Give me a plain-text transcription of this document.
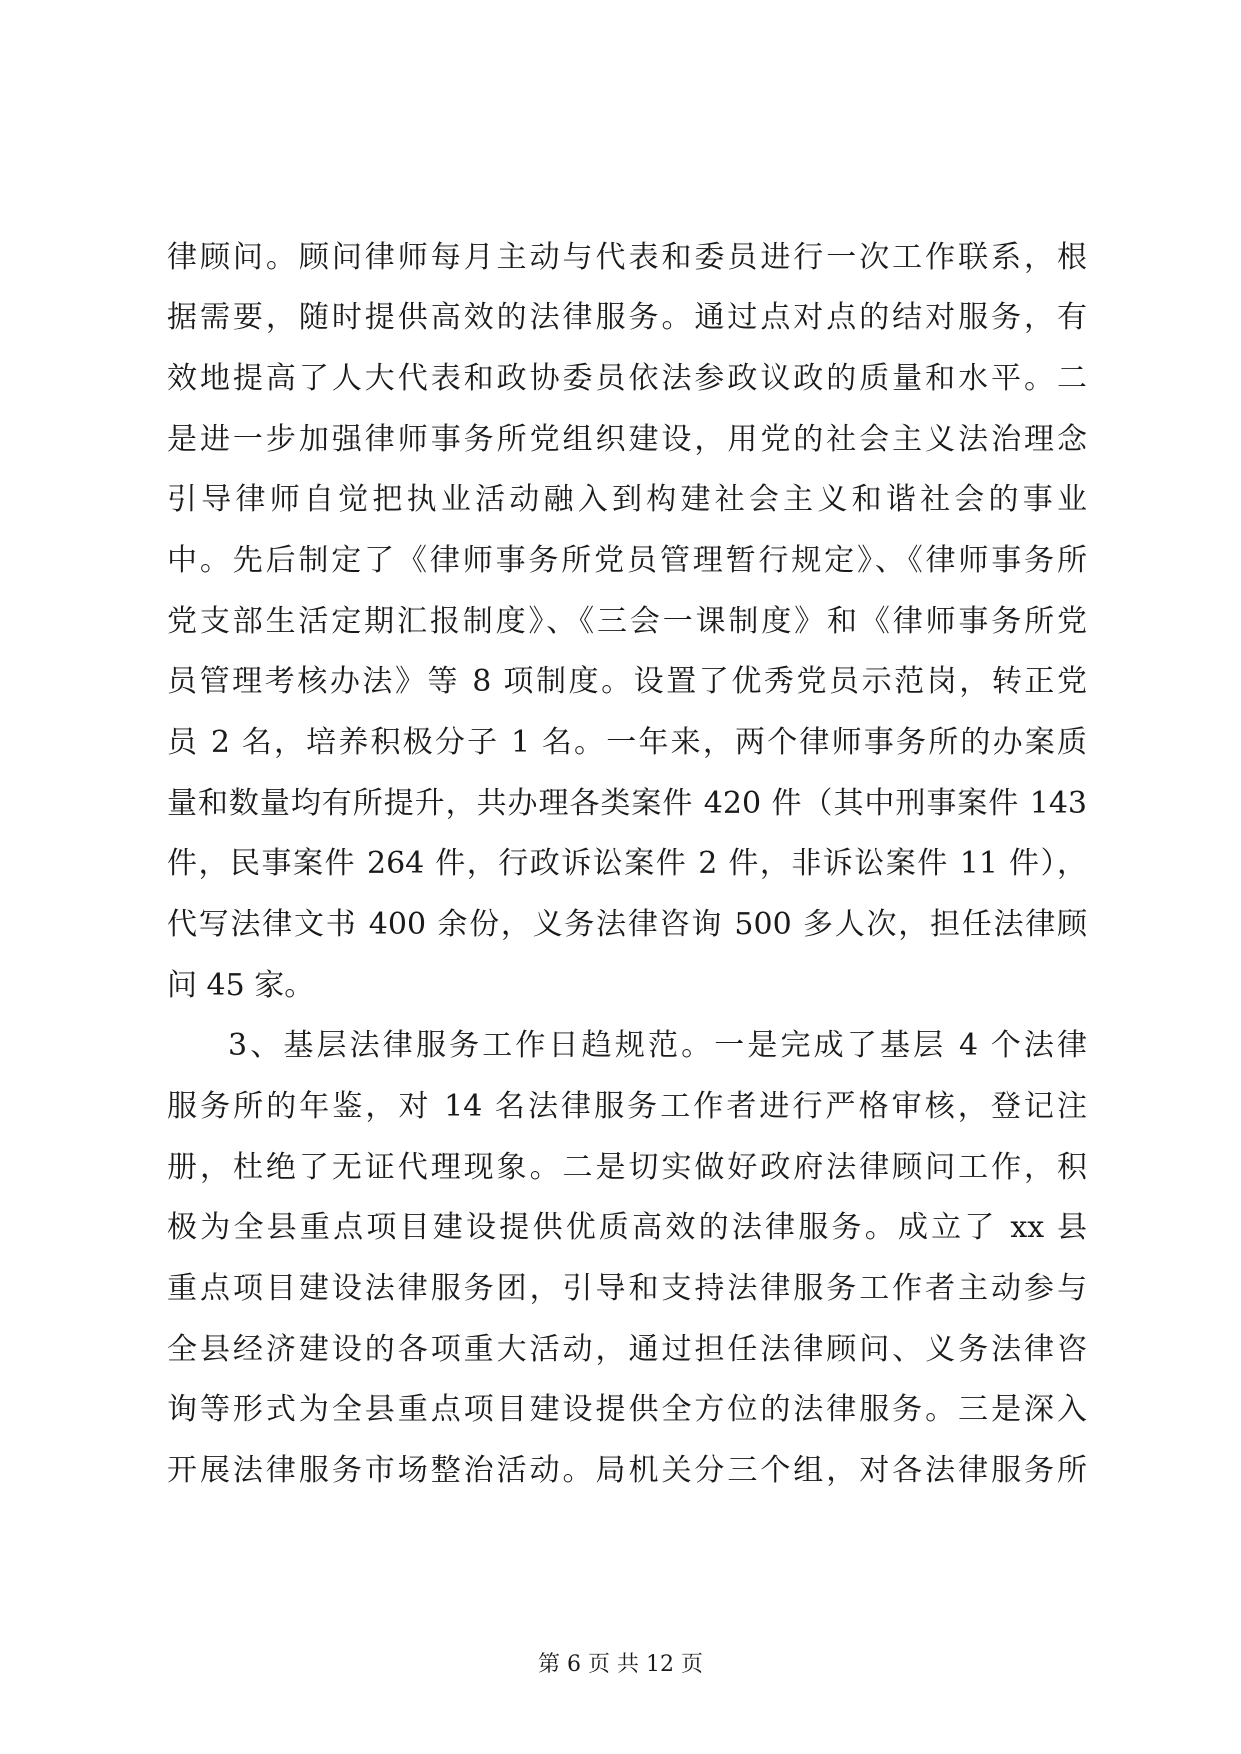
律顾问。顾问律师每月主动与代表和委员进行一次工作联系，根
据需要，随时提供高效的法律服务。通过点对点的结对服务，有
效地提高了人大代表和政协委员依法参政议政的质量和水平。二
是进一步加强律师事务所党组织建设，用党的社会主义法治理念
引导律师自觉把执业活动融入到构建社会主义和谐社会的事业
中。先后制定了《律师事务所党员管理暂行规定》、《律师事务所
党支部生活定期汇报制度》、《三会一课制度》和《律师事务所党
员管理考核办法》等 8 项制度。设置了优秀党员示范岗，转正党
员 2 名，培养积极分子 1 名。一年来，两个律师事务所的办案质
量和数量均有所提升，共办理各类案件 420 件（其中刑事案件 143
件，民事案件 264 件，行政诉讼案件 2 件，非诉讼案件 11 件），
代写法律文书 400 余份，义务法律咨询 500 多人次，担任法律顾
问 45 家。
3、基层法律服务工作日趋规范。一是完成了基层 4 个法律
服务所的年鉴，对 14 名法律服务工作者进行严格审核，登记注
册，杜绝了无证代理现象。二是切实做好政府法律顾问工作，积
极为全县重点项目建设提供优质高效的法律服务。成立了 xx 县
重点项目建设法律服务团，引导和支持法律服务工作者主动参与
全县经济建设的各项重大活动，通过担任法律顾问、义务法律咨
询等形式为全县重点项目建设提供全方位的法律服务。三是深入
开展法律服务市场整治活动。局机关分三个组，对各法律服务所
第 6 页 共 12 页
